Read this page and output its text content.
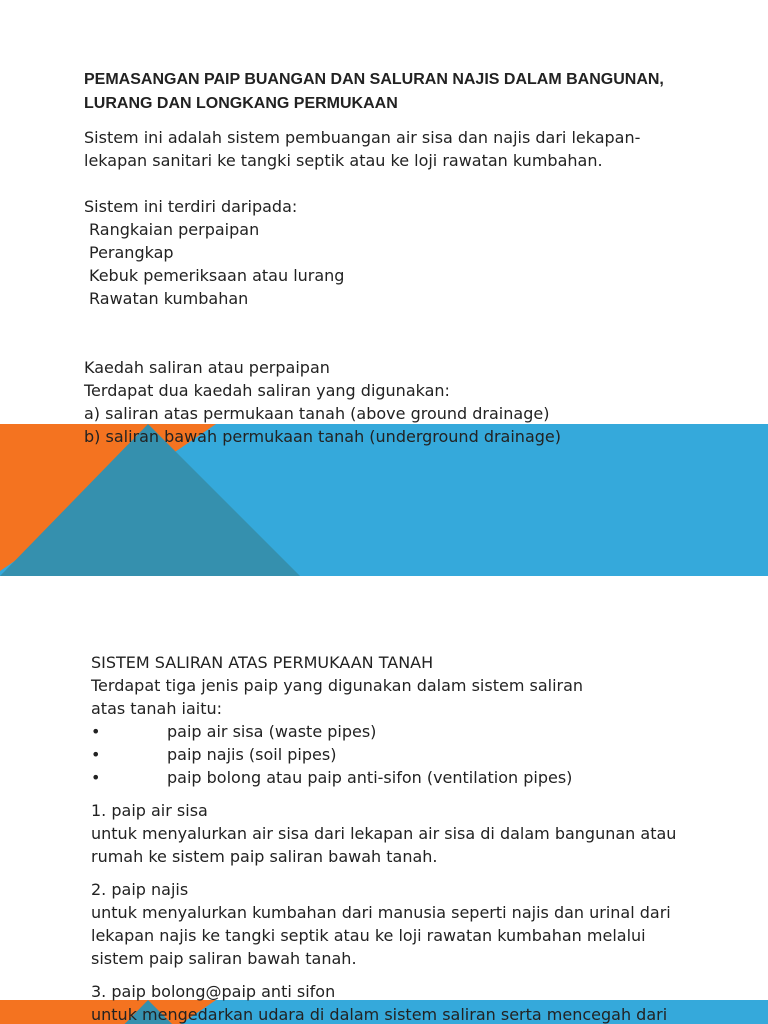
PEMASANGAN PAIP BUANGAN DAN SALURAN NAJIS DALAM BANGUNAN,
LURANG DAN LONGKANG PERMUKAAN

Sistem ini adalah sistem pembuangan air sisa dan najis dari lekapan-

lekapan sanitari ke tangki septik atau ke loji rawatan kumbahan.

Sistem ini terdiri daripada:

Rangkaian perpaipan

Perangkap

Kebuk pemeriksaan atau lurang

Rawatan kumbahan

Kaedah saliran atau perpaipan

Terdapat dua kaedah saliran yang digunakan:

a) saliran atas permukaan tanah (above ground drainage)

b) saliran bawah permukaan tanah (underground drainage)

SISTEM SALIRAN ATAS PERMUKAAN TANAH

Terdapat tiga jenis paip yang digunakan dalam sistem saliran

atas tanah iaitu:

•	paip air sisa (waste pipes)
•	paip najis (soil pipes)
•	paip bolong atau paip anti-sifon (ventilation pipes)

1. paip air sisa

untuk menyalurkan air sisa dari lekapan air sisa di dalam bangunan atau

rumah ke sistem paip saliran bawah tanah.

2. paip najis

untuk menyalurkan kumbahan dari manusia seperti najis dan urinal dari

lekapan najis ke tangki septik atau ke loji rawatan kumbahan melalui

sistem paip saliran bawah tanah.

3. paip bolong@paip anti sifon

untuk mengedarkan udara di dalam sistem saliran serta mencegah dari
